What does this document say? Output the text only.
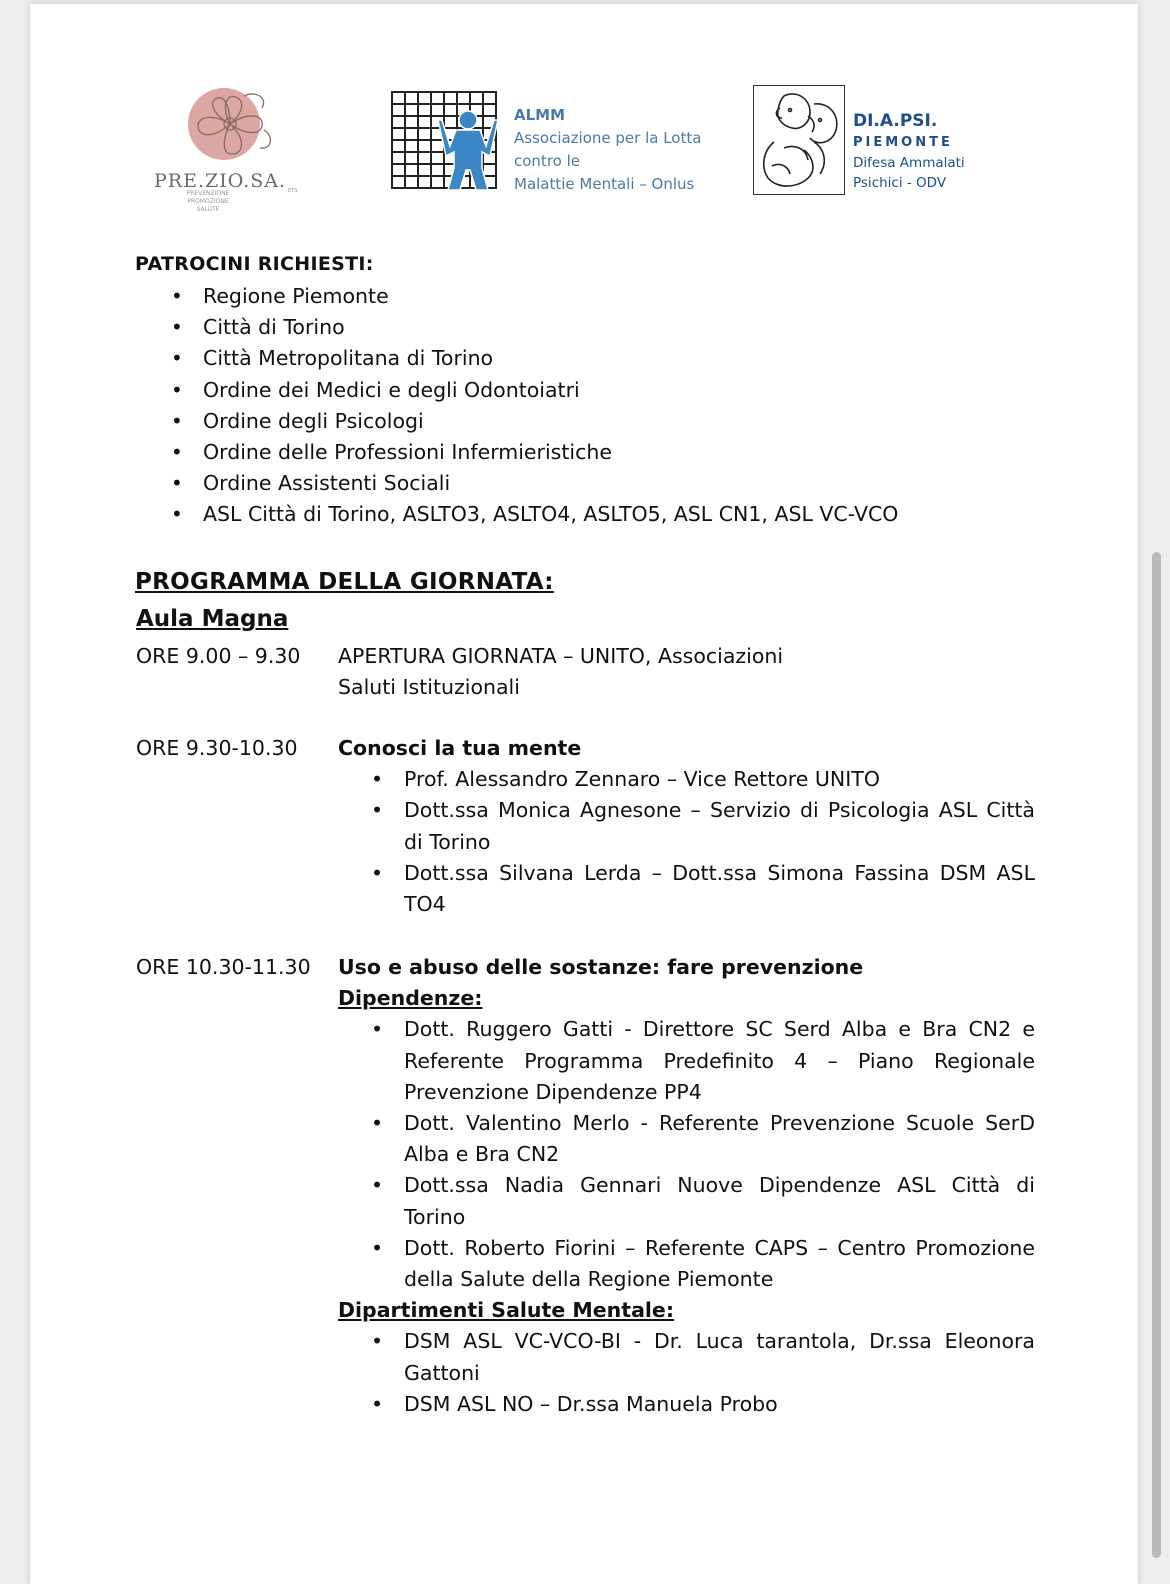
PRE.ZIO.SA. ETS
PREVENZIONE
PROMOZIONE
SALUTE
ALMM
Associazione per la Lotta
contro le
Malattie Mentali – Onlus
DI.A.PSI.
PIEMONTE
Difesa Ammalati
Psichici - ODV
PATROCINI RICHIESTI:
• Regione Piemonte
• Città di Torino
• Città Metropolitana di Torino
• Ordine dei Medici e degli Odontoiatri
• Ordine degli Psicologi
• Ordine delle Professioni Infermieristiche
• Ordine Assistenti Sociali
• ASL Città di Torino, ASLTO3, ASLTO4, ASLTO5, ASL CN1, ASL VC-VCO
PROGRAMMA DELLA GIORNATA:
Aula Magna
ORE 9.00 – 9.30 APERTURA GIORNATA – UNITO, Associazioni
Saluti Istituzionali
ORE 9.30-10.30 Conosci la tua mente
• Prof. Alessandro Zennaro – Vice Rettore UNITO
• Dott.ssa Monica Agnesone – Servizio di Psicologia ASL Città di Torino
• Dott.ssa Silvana Lerda – Dott.ssa Simona Fassina DSM ASL TO4
ORE 10.30-11.30 Uso e abuso delle sostanze: fare prevenzione
Dipendenze:
• Dott. Ruggero Gatti - Direttore SC Serd Alba e Bra CN2 e Referente Programma Predefinito 4 – Piano Regionale Prevenzione Dipendenze PP4
• Dott. Valentino Merlo - Referente Prevenzione Scuole SerD Alba e Bra CN2
• Dott.ssa Nadia Gennari Nuove Dipendenze ASL Città di Torino
• Dott. Roberto Fiorini – Referente CAPS – Centro Promozione della Salute della Regione Piemonte
Dipartimenti Salute Mentale:
• DSM ASL VC-VCO-BI - Dr. Luca tarantola, Dr.ssa Eleonora Gattoni
• DSM ASL NO – Dr.ssa Manuela Probo
